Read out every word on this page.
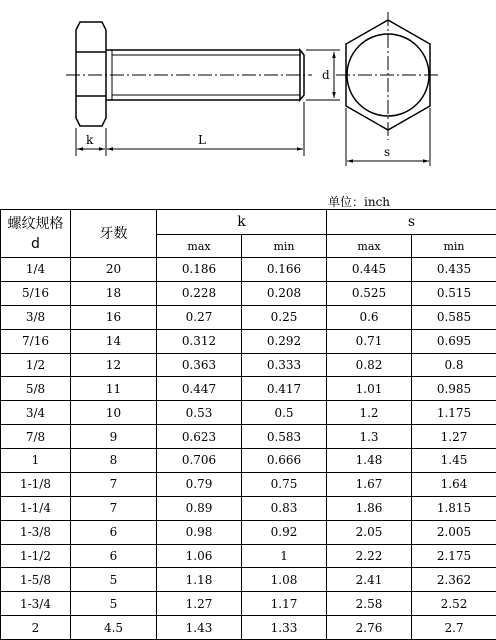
d
k	L
s
单位：inch
螺纹规格
d	牙数	k		s	
		max	min	max	min
1/4	20	0.186	0.166	0.445	0.435
5/16	18	0.228	0.208	0.525	0.515
3/8	16	0.27	0.25	0.6	0.585
7/16	14	0.312	0.292	0.71	0.695
1/2	12	0.363	0.333	0.82	0.8
5/8	11	0.447	0.417	1.01	0.985
3/4	10	0.53	0.5	1.2	1.175
7/8	9	0.623	0.583	1.3	1.27
1	8	0.706	0.666	1.48	1.45
1-1/8	7	0.79	0.75	1.67	1.64
1-1/4	7	0.89	0.83	1.86	1.815
1-3/8	6	0.98	0.92	2.05	2.005
1-1/2	6	1.06	1	2.22	2.175
1-5/8	5	1.18	1.08	2.41	2.362
1-3/4	5	1.27	1.17	2.58	2.52
2	4.5	1.43	1.33	2.76	2.7
